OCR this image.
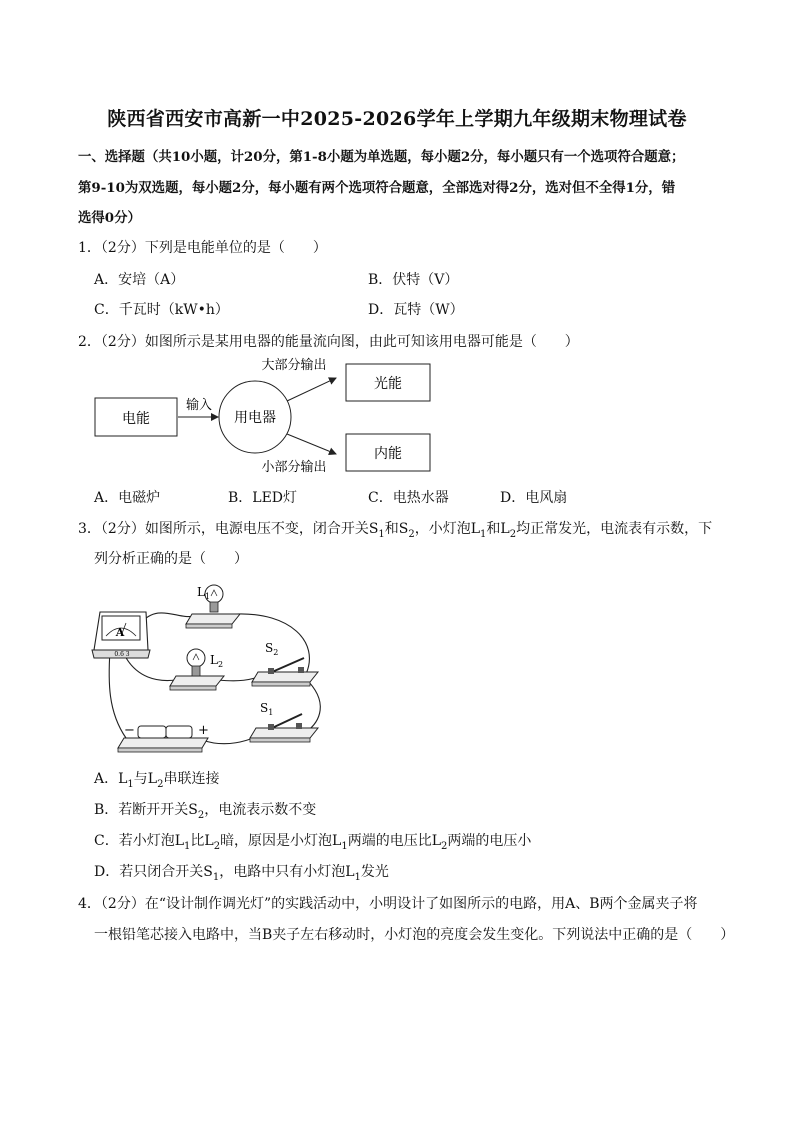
陕西省西安市高新一中2025-2026学年上学期九年级期末物理试卷
一、选择题（共10小题，计20分，第1-8小题为单选题，每小题2分，每小题只有一个选项符合题意；
第9-10为双选题，每小题2分，每小题有两个选项符合题意，全部选对得2分，选对但不全得1分，错
选得0分）
1．（2分）下列是电能单位的是（　　）
A．安培（A）	B．伏特（V）
C．千瓦时（kW•h）	D．瓦特（W）
2．（2分）如图所示是某用电器的能量流向图，由此可知该用电器可能是（　　）
电能
输入
用电器
大部分输出
小部分输出
光能
内能
A．电磁炉	B．LED灯	C．电热水器	D．电风扇
3．（2分）如图所示，电源电压不变，闭合开关$S_1$和$S_2$，小灯泡$L_1$和$L_2$均正常发光，电流表有示数，下
列分析正确的是（　　）
A
0.6 3
$L_1$
$L_2$
$S_2$
$S_1$
−	+
A．$L_1$与$L_2$串联连接
B．若断开开关$S_2$，电流表示数不变
C．若小灯泡$L_1$比$L_2$暗，原因是小灯泡$L_1$两端的电压比$L_2$两端的电压小
D．若只闭合开关$S_1$，电路中只有小灯泡$L_1$发光
4．（2分）在“设计制作调光灯”的实践活动中，小明设计了如图所示的电路，用A、B两个金属夹子将
一根铅笔芯接入电路中，当B夹子左右移动时，小灯泡的亮度会发生变化。下列说法中正确的是（　　）
